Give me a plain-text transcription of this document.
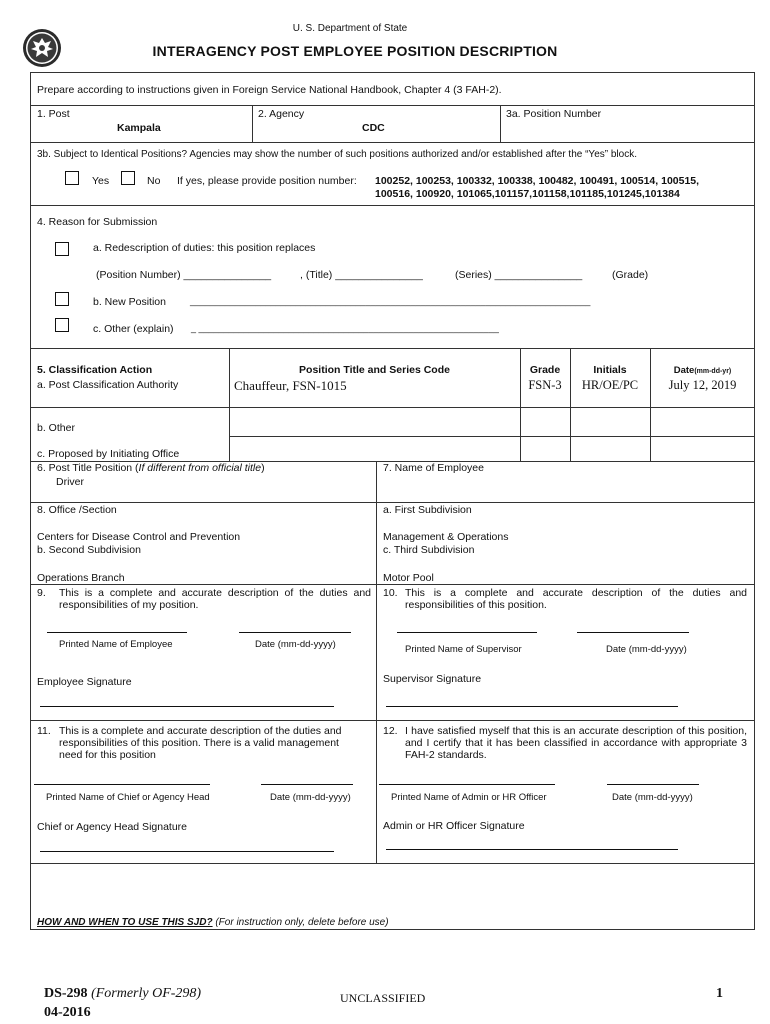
U. S. Department of State
INTERAGENCY POST EMPLOYEE POSITION DESCRIPTION
Prepare according to instructions given in Foreign Service National Handbook, Chapter 4 (3 FAH-2).
1. Post
Kampala
2. Agency
CDC
3a. Position Number
3b. Subject to Identical Positions? Agencies may show the number of such positions authorized and/or established after the “Yes” block.
Yes	No If yes, please provide position number: 100252, 100253, 100332, 100338, 100482, 100491, 100514, 100515,
100516, 100920, 101065,101157,101158,101185,101245,101384
4. Reason for Submission
a. Redescription of duties: this position replaces
(Position Number) _______________	, (Title) _______________	(Series) _______________	(Grade)
b. New Position	________________________________________________________________________________
c. Other (explain) _ ____________________________________________________________
5. Classification Action	Position Title and Series Code	Grade	Initials	Date(mm-dd-yr)
a. Post Classification Authority	Chauffeur, FSN-1015	FSN-3	HR/OE/PC	July 12, 2019
b. Other
c. Proposed by Initiating Office
6. Post Title Position (If different from official title)
Driver
7. Name of Employee
8. Office /Section
Centers for Disease Control and Prevention
a. First Subdivision
Management & Operations
b. Second Subdivision
Operations Branch
c. Third Subdivision
Motor Pool
9. This is a complete and accurate description of the duties and responsibilities of my position.
Printed Name of Employee	Date (mm-dd-yyyy)
Employee Signature
10. This is a complete and accurate description of the duties and responsibilities of this position.
Printed Name of Supervisor	Date (mm-dd-yyyy)
Supervisor Signature
11. This is a complete and accurate description of the duties and responsibilities of this position. There is a valid management need for this position
Printed Name of Chief or Agency Head	Date (mm-dd-yyyy)
Chief or Agency Head Signature
12. I have satisfied myself that this is an accurate description of this position, and I certify that it has been classified in accordance with appropriate 3 FAH-2 standards.
Printed Name of Admin or HR Officer	Date (mm-dd-yyyy)
Admin or HR Officer Signature
HOW AND WHEN TO USE THIS SJD? (For instruction only, delete before use)
DS-298 (Formerly OF-298)
04-2016
UNCLASSIFIED	1
